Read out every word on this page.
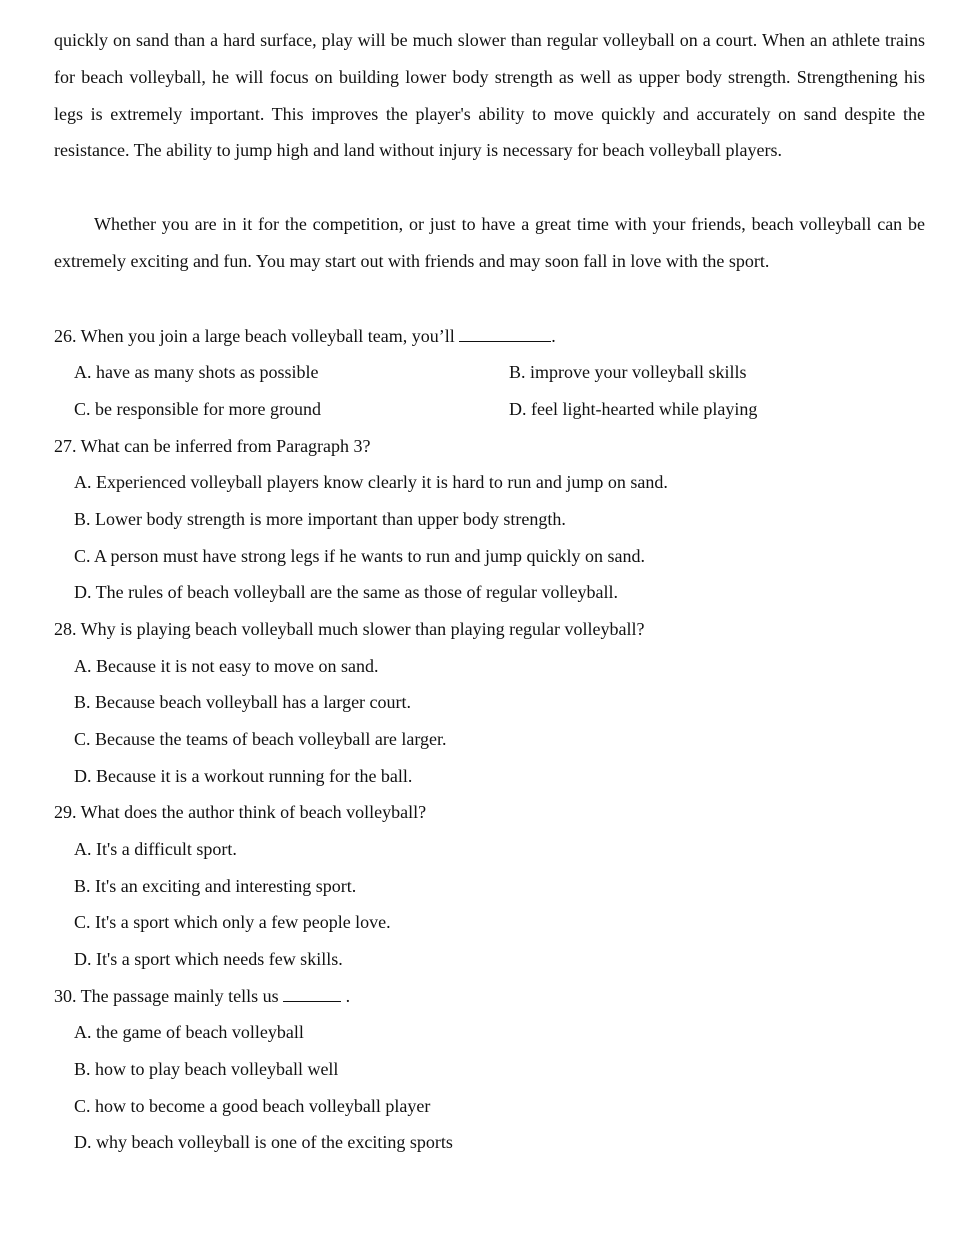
quickly on sand than a hard surface, play will be much slower than regular volleyball on a court. When an athlete trains for beach volleyball, he will focus on building lower body strength as well as upper body strength. Strengthening his legs is extremely important. This improves the player's ability to move quickly and accurately on sand despite the resistance. The ability to jump high and land without injury is necessary for beach volleyball players.

Whether you are in it for the competition, or just to have a great time with your friends, beach volleyball can be extremely exciting and fun. You may start out with friends and may soon fall in love with the sport.

26. When you join a large beach volleyball team, you’ll	.
A. have as many shots as possible	B. improve your volleyball skills
C. be responsible for more ground	D. feel light-hearted while playing
27. What can be inferred from Paragraph 3?
A. Experienced volleyball players know clearly it is hard to run and jump on sand.
B. Lower body strength is more important than upper body strength.
C. A person must have strong legs if he wants to run and jump quickly on sand.
D. The rules of beach volleyball are the same as those of regular volleyball.
28. Why is playing beach volleyball much slower than playing regular volleyball?
A. Because it is not easy to move on sand.
B. Because beach volleyball has a larger court.
C. Because the teams of beach volleyball are larger.
D. Because it is a workout running for the ball.
29. What does the author think of beach volleyball?
A. It's a difficult sport.
B. It's an exciting and interesting sport.
C. It's a sport which only a few people love.
D. It's a sport which needs few skills.
30. The passage mainly tells us	.
A. the game of beach volleyball
B. how to play beach volleyball well
C. how to become a good beach volleyball player
D. why beach volleyball is one of the exciting sports
